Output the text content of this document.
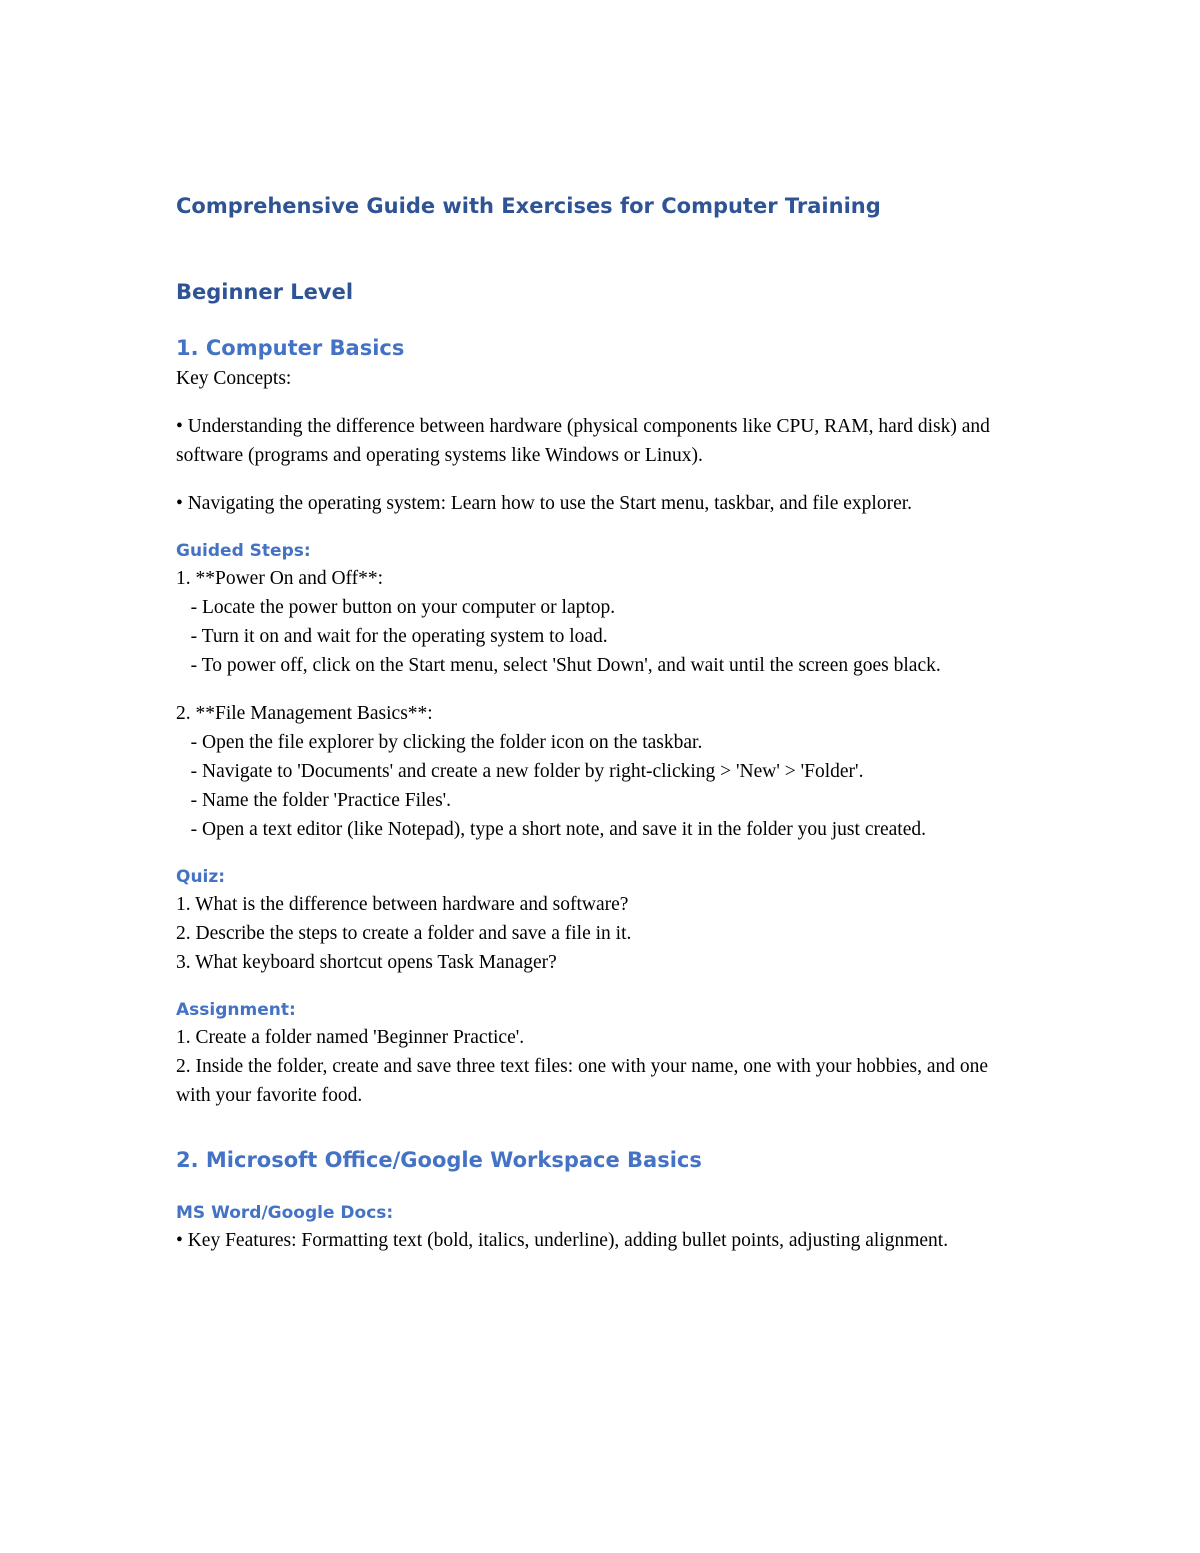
Comprehensive Guide with Exercises for Computer Training
Beginner Level
1. Computer Basics

Key Concepts:

• Understanding the difference between hardware (physical components like CPU, RAM, hard disk) and software (programs and operating systems like Windows or Linux).

• Navigating the operating system: Learn how to use the Start menu, taskbar, and file explorer.

Guided Steps:
1. **Power On and Off**:
- Locate the power button on your computer or laptop.
- Turn it on and wait for the operating system to load.
- To power off, click on the Start menu, select 'Shut Down', and wait until the screen goes black.
2. **File Management Basics**:
- Open the file explorer by clicking the folder icon on the taskbar.
- Navigate to 'Documents' and create a new folder by right-clicking > 'New' > 'Folder'.
- Name the folder 'Practice Files'.
- Open a text editor (like Notepad), type a short note, and save it in the folder you just created.
Quiz:
1. What is the difference between hardware and software?
2. Describe the steps to create a folder and save a file in it.
3. What keyboard shortcut opens Task Manager?
Assignment:
1. Create a folder named 'Beginner Practice'.
2. Inside the folder, create and save three text files: one with your name, one with your hobbies, and one with your favorite food.
2. Microsoft Office/Google Workspace Basics
MS Word/Google Docs:

• Key Features: Formatting text (bold, italics, underline), adding bullet points, adjusting alignment.
